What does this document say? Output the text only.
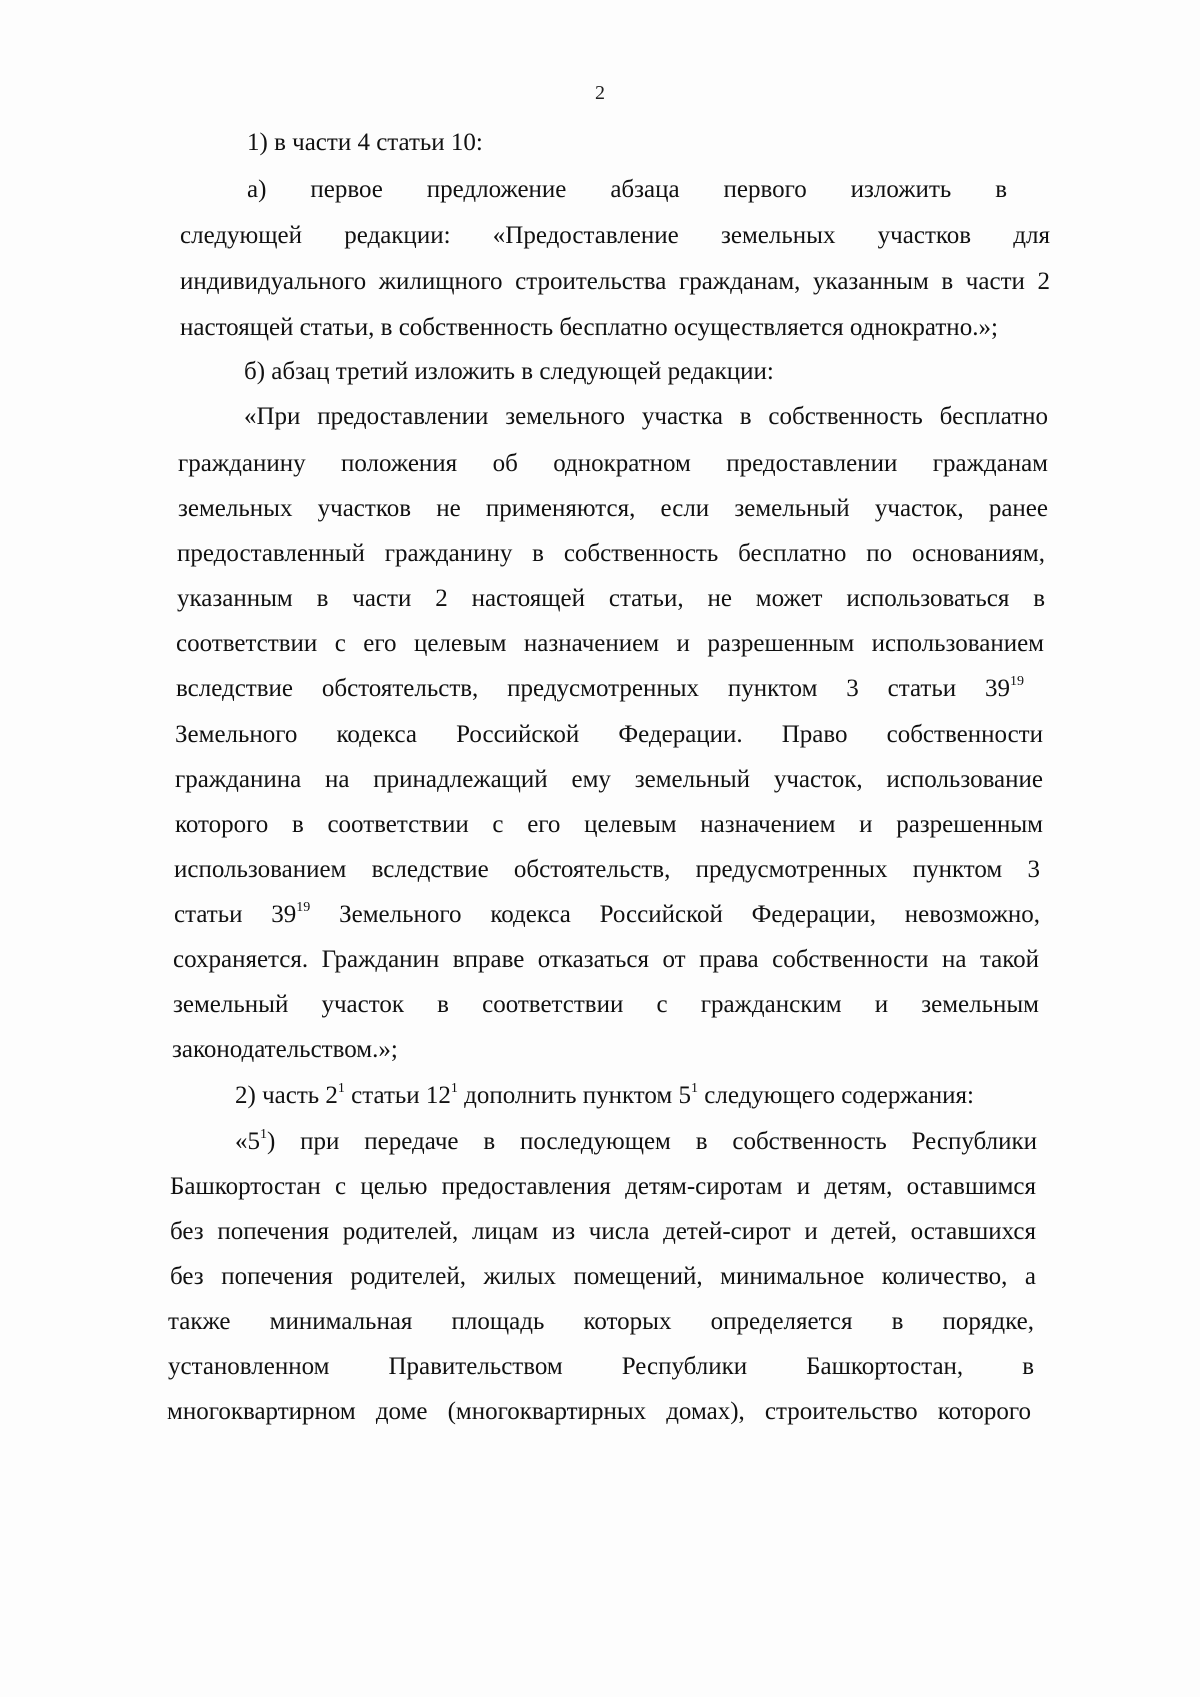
2
1) в части 4 статьи 10:
а) первое предложение абзаца первого изложить в
следующей редакции: «Предоставление земельных участков для
индивидуального жилищного строительства гражданам, указанным в части 2
настоящей статьи, в собственность бесплатно осуществляется однократно.»;
б) абзац третий изложить в следующей редакции:
«При предоставлении земельного участка в собственность бесплатно
гражданину положения об однократном предоставлении гражданам
земельных участков не применяются, если земельный участок, ранее
предоставленный гражданину в собственность бесплатно по основаниям,
указанным в части 2 настоящей статьи, не может использоваться в
соответствии с его целевым назначением и разрешенным использованием
вследствие обстоятельств, предусмотренных пунктом 3 статьи $39^{19}$
Земельного кодекса Российской Федерации. Право собственности
гражданина на принадлежащий ему земельный участок, использование
которого в соответствии с его целевым назначением и разрешенным
использованием вследствие обстоятельств, предусмотренных пунктом 3
статьи $39^{19}$ Земельного кодекса Российской Федерации, невозможно,
сохраняется. Гражданин вправе отказаться от права собственности на такой
земельный участок в соответствии с гражданским и земельным
законодательством.»;
2) часть $2^1$ статьи $12^1$ дополнить пунктом $5^1$ следующего содержания:
«$5^1$) при передаче в последующем в собственность Республики
Башкортостан с целью предоставления детям-сиротам и детям, оставшимся
без попечения родителей, лицам из числа детей-сирот и детей, оставшихся
без попечения родителей, жилых помещений, минимальное количество, а
также минимальная площадь которых определяется в порядке,
установленном Правительством Республики Башкортостан, в
многоквартирном доме (многоквартирных домах), строительство которого
